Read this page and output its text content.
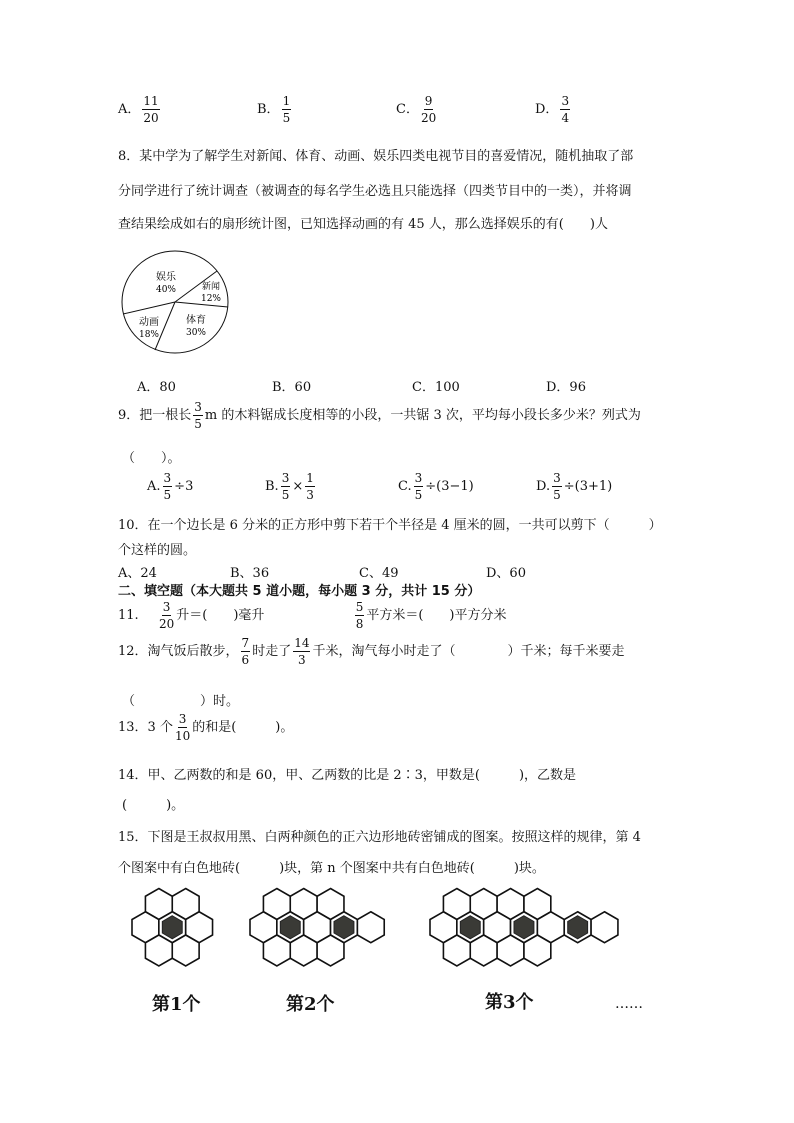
A． $\frac{11}{20}$	B． $\frac{1}{5}$	C． $\frac{9}{20}$	D． $\frac{3}{4}$
8．某中学为了解学生对新闻、体育、动画、娱乐四类电视节目的喜爱情况，随机抽取了部
分同学进行了统计调查（被调查的每名学生必选且只能选择（四类节目中的一类），并将调
查结果绘成如右的扇形统计图，已知选择动画的有 45 人，那么选择娱乐的有(　　)人
娱乐
40%	新闻
12%
体育
30%
动画
18%
A．80	B．60	C．100	D．96
9．把一根长 $\frac{3}{5}$ m 的木料锯成长度相等的小段，一共锯 3 次，平均每小段长多少米？列式为
（　　）。
A. $\frac{3}{5} \div 3$	B. $\frac{3}{5} \times \frac{1}{3}$	C. $\frac{3}{5} \div(3-1)$	D. $\frac{3}{5} \div(3+1)$
10．在一个边长是 6 分米的正方形中剪下若干个半径是 4 厘米的圆，一共可以剪下（　　　）
个这样的圆。
A、24	B、36	C、49	D、60
二、填空题（本大题共 5 道小题，每小题 3 分，共计 15 分）
11. $\frac{3}{20}$ 升＝(　　)毫升	$\frac{5}{8}$ 平方米＝(　　)平方分米
12．淘气饭后散步， $\frac{7}{6}$ 时走了 $\frac{14}{3}$ 千米，淘气每小时走了（　　　　）千米；每千米要走
（　　　　　）时。
13．3 个 $\frac{3}{10}$ 的和是(　　　)。
14．甲、乙两数的和是 60，甲、乙两数的比是 2∶3，甲数是(　　　)，乙数是
(　　　)。
15．下图是王叔叔用黑、白两种颜色的正六边形地砖密铺成的图案。按照这样的规律，第 4
个图案中有白色地砖(　　　)块，第 n 个图案中共有白色地砖(　　　)块。
第1个	第2个	第3个	……
